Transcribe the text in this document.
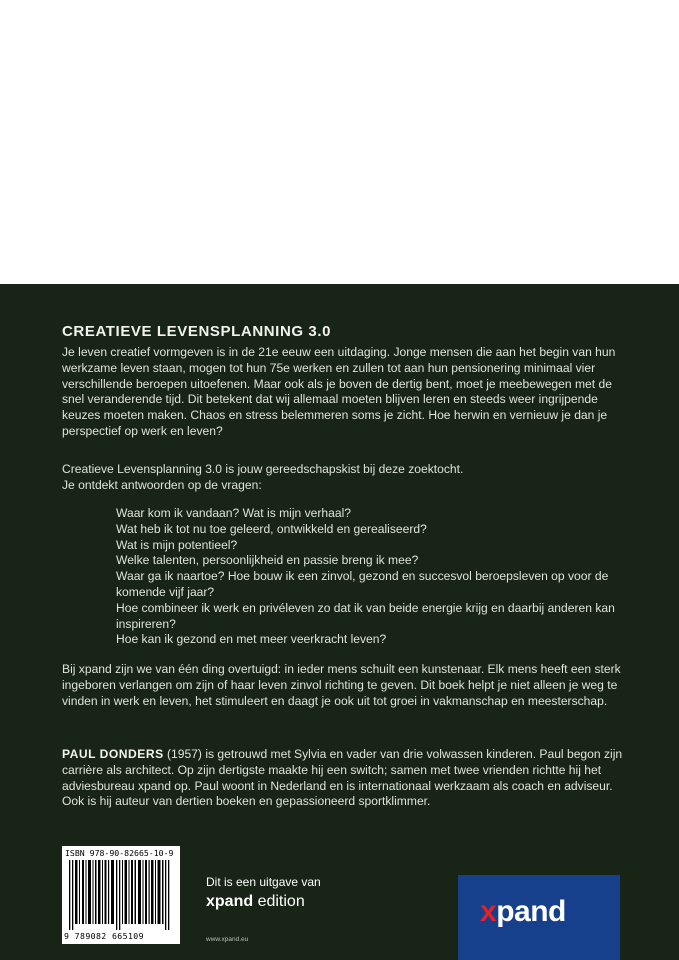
CREATIEVE LEVENSPLANNING 3.0

Je leven creatief vormgeven is in de 21e eeuw een uitdaging. Jonge mensen die aan het begin van hun werkzame leven staan, mogen tot hun 75e werken en zullen tot aan hun pensionering minimaal vier verschillende beroepen uitoefenen. Maar ook als je boven de dertig bent, moet je meebewegen met de snel veranderende tijd. Dit betekent dat wij allemaal moeten blijven leren en steeds weer ingrijpende keuzes moeten maken. Chaos en stress belemmeren soms je zicht. Hoe herwin en vernieuw je dan je perspectief op werk en leven?

Creatieve Levensplanning 3.0 is jouw gereedschapskist bij deze zoektocht.
Je ontdekt antwoorden op de vragen:

Waar kom ik vandaan? Wat is mijn verhaal?
Wat heb ik tot nu toe geleerd, ontwikkeld en gerealiseerd?
Wat is mijn potentieel?
Welke talenten, persoonlijkheid en passie breng ik mee?
Waar ga ik naartoe? Hoe bouw ik een zinvol, gezond en succesvol beroepsleven op voor de komende vijf jaar?
Hoe combineer ik werk en privéleven zo dat ik van beide energie krijg en daarbij anderen kan inspireren?
Hoe kan ik gezond en met meer veerkracht leven?

Bij xpand zijn we van één ding overtuigd: in ieder mens schuilt een kunstenaar. Elk mens heeft een sterk ingeboren verlangen om zijn of haar leven zinvol richting te geven. Dit boek helpt je niet alleen je weg te vinden in werk en leven, het stimuleert en daagt je ook uit tot groei in vakmanschap en meesterschap.

PAUL DONDERS (1957) is getrouwd met Sylvia en vader van drie volwassen kinderen. Paul begon zijn carrière als architect. Op zijn dertigste maakte hij een switch; samen met twee vrienden richtte hij het adviesbureau xpand op. Paul woont in Nederland en is internationaal werkzaam als coach en adviseur. Ook is hij auteur van dertien boeken en gepassioneerd sportklimmer.

ISBN 978-90-82665-10-9
9 789082 665109
Dit is een uitgave van
xpand edition
www.xpand.eu
xpand
